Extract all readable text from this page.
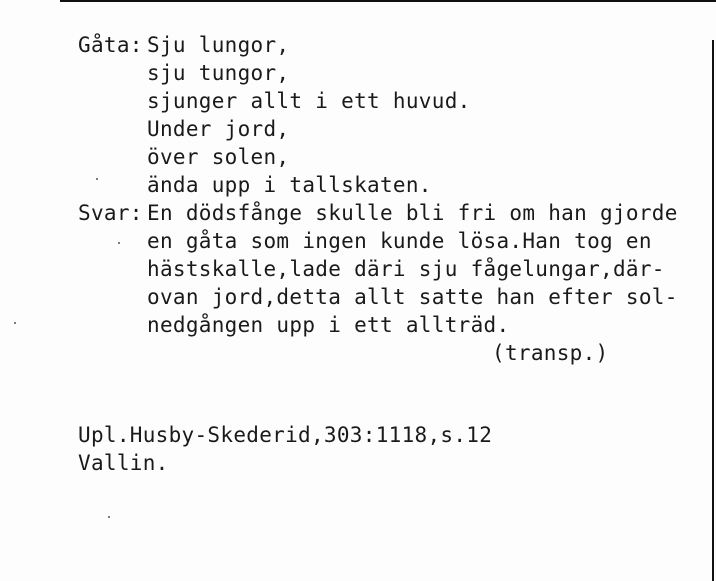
Gåta: Sju lungor,
sju tungor,
sjunger allt i ett huvud.
Under jord,
över solen,
ända upp i tallskaten.
Svar: En dödsfånge skulle bli fri om han gjorde
en gåta som ingen kunde lösa.Han tog en
hästskalle,lade däri sju fågelungar,där-
ovan jord,detta allt satte han efter sol-
nedgången upp i ett allträd.
(transp.)
Upl.Husby-Skederid,303:1118,s.12
Vallin.
